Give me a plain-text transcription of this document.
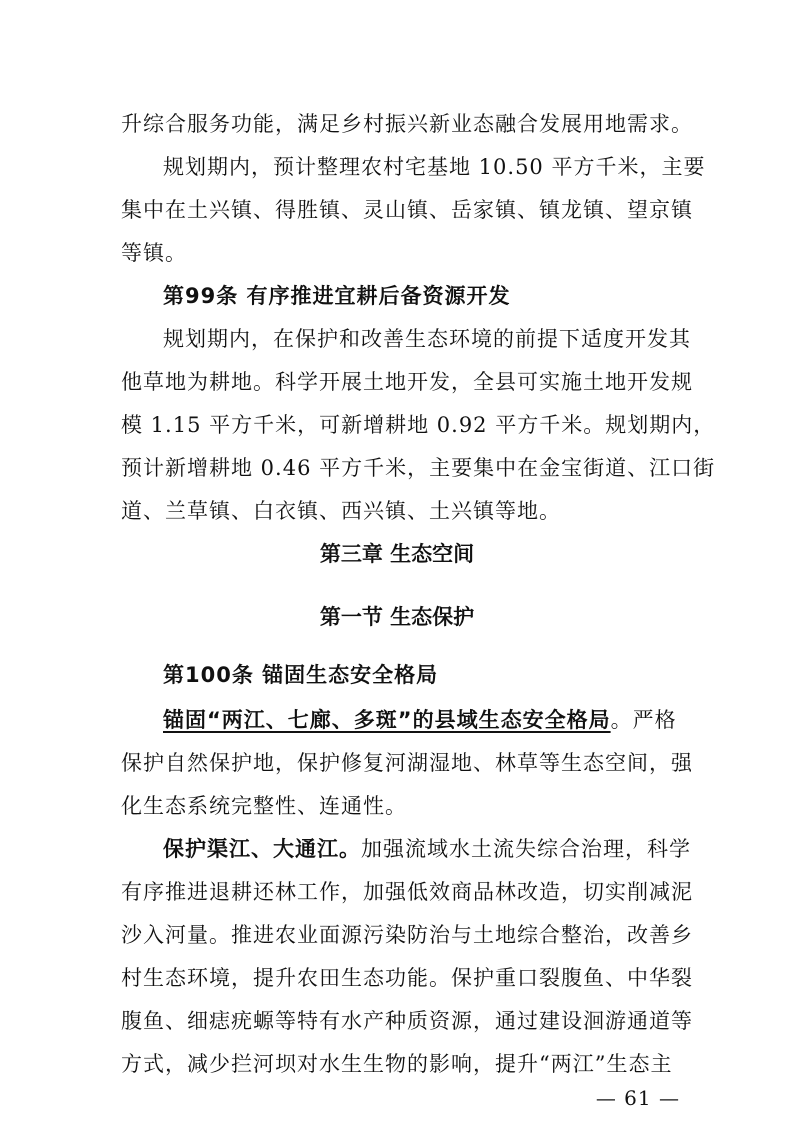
升综合服务功能，满足乡村振兴新业态融合发展用地需求。
规划期内，预计整理农村宅基地 10.50 平方千米，主要
集中在土兴镇、得胜镇、灵山镇、岳家镇、镇龙镇、望京镇
等镇。
第99条 有序推进宜耕后备资源开发
规划期内，在保护和改善生态环境的前提下适度开发其
他草地为耕地。科学开展土地开发，全县可实施土地开发规
模 1.15 平方千米，可新增耕地 0.92 平方千米。规划期内，
预计新增耕地 0.46 平方千米，主要集中在金宝街道、江口街
道、兰草镇、白衣镇、西兴镇、土兴镇等地。
第三章 生态空间
第一节 生态保护
第100条 锚固生态安全格局
锚固“两江、七廊、多斑”的县域生态安全格局。严格
保护自然保护地，保护修复河湖湿地、林草等生态空间，强
化生态系统完整性、连通性。
保护渠江、大通江。加强流域水土流失综合治理，科学
有序推进退耕还林工作，加强低效商品林改造，切实削减泥
沙入河量。推进农业面源污染防治与土地综合整治，改善乡
村生态环境，提升农田生态功能。保护重口裂腹鱼、中华裂
腹鱼、细痣疣螈等特有水产种质资源，通过建设洄游通道等
方式，减少拦河坝对水生生物的影响，提升“两江”生态主
— 61 —
